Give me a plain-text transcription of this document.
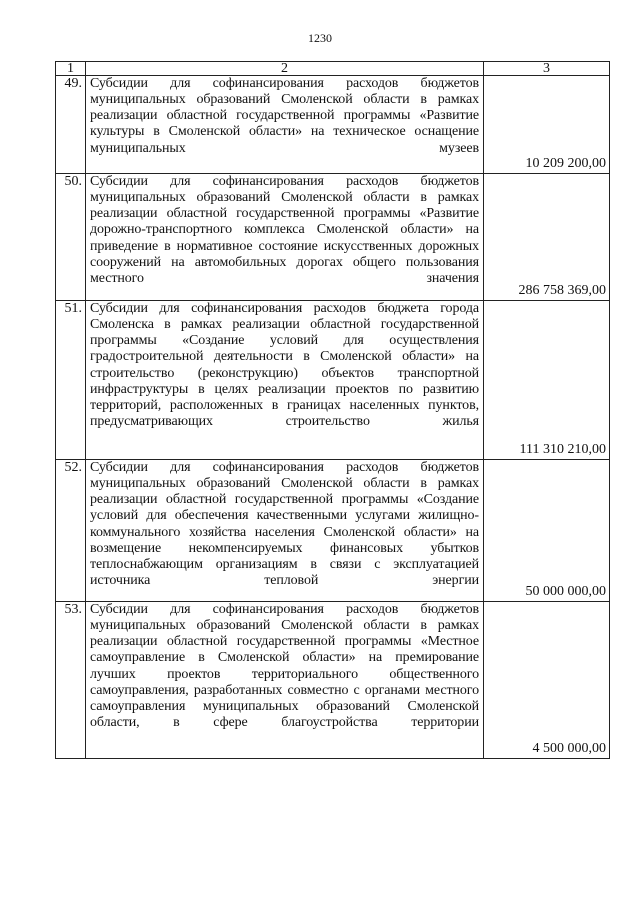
1230
1	2	3
49.	Субсидии для софинансирования расходов бюджетов муниципальных образований Смоленской области в рамках реализации областной государственной программы «Развитие культуры в Смоленской области» на техническое оснащение муниципальных музеев	10 209 200,00
50.	Субсидии для софинансирования расходов бюджетов муниципальных образований Смоленской области в рамках реализации областной государственной программы «Развитие дорожно-транспортного комплекса Смоленской области» на приведение в нормативное состояние искусственных дорожных сооружений на автомобильных дорогах общего пользования местного значения	286 758 369,00
51.	Субсидии для софинансирования расходов бюджета города Смоленска в рамках реализации областной государственной программы «Создание условий для осуществления градостроительной деятельности в Смоленской области» на строительство (реконструкцию) объектов транспортной инфраструктуры в целях реализации проектов по развитию территорий, расположенных в границах населенных пунктов, предусматривающих строительство жилья	111 310 210,00
52.	Субсидии для софинансирования расходов бюджетов муниципальных образований Смоленской области в рамках реализации областной государственной программы «Создание условий для обеспечения качественными услугами жилищно-коммунального хозяйства населения Смоленской области» на возмещение некомпенсируемых финансовых убытков теплоснабжающим организациям в связи с эксплуатацией источника тепловой энергии	50 000 000,00
53.	Субсидии для софинансирования расходов бюджетов муниципальных образований Смоленской области в рамках реализации областной государственной программы «Местное самоуправление в Смоленской области» на премирование лучших проектов территориального общественного самоуправления, разработанных совместно с органами местного самоуправления муниципальных образований Смоленской области, в сфере благоустройства территории	4 500 000,00
